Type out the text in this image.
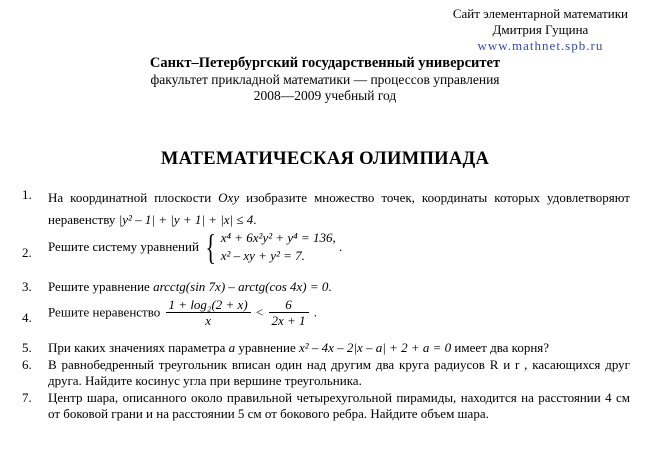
Сайт элементарной математики
Дмитрия Гущина
www.mathnet.spb.ru
Санкт–Петербургский государственный университет
факультет прикладной математики — процессов управления
2008—2009 учебный год
МАТЕМАТИЧЕСКАЯ ОЛИМПИАДА
1.	На координатной плоскости Oxy изобразите множество точек, координаты которых удовлетворяют неравенству |y² – 1| + |y + 1| + |x| ≤ 4.
2.	Решите систему уравнений { x⁴ + 6x²y² + y⁴ = 136,
x² – xy + y² = 7.
.
3.	Решите уравнение arcctg(sin 7x) – arctg(cos 4x) = 0.
4.	Решите неравенство $\frac{\text{1 + log₂(2 + x)}}{x} < \frac{6}{2x + 1}$ .
5.	При каких значениях параметра a уравнение x² – 4x – 2|x – a| + 2 + a = 0 имеет два корня?
6.	В равнобедренный треугольник вписан один над другим два круга радиусов R и r , касающихся друг друга. Найдите косинус угла при вершине треугольника.
7.	Центр шара, описанного около правильной четырехугольной пирамиды, находится на расстоянии 4 см от боковой грани и на расстоянии 5 см от бокового ребра. Найдите объем шара.
